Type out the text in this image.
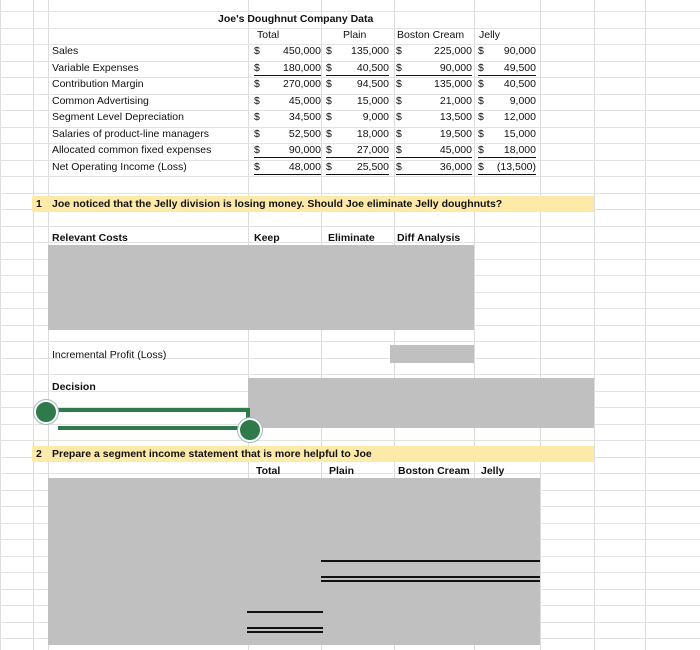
Joe's Doughnut Company Data
Total	Plain	Boston Cream Jelly
Sales	$ 450,000 $ 135,000 $	225,000 $ 90,000
Variable Expenses	$ 180,000 $ 40,500 $	90,000 $ 49,500
Contribution Margin	$ 270,000 $ 94,500 $	135,000 $ 40,500
Common Advertising	$	45,000 $ 15,000 $	21,000 $ 9,000
Segment Level Depreciation	$	34,500 $	9,000 $	13,500 $ 12,000
Salaries of product-line managers	$	52,500 $ 18,000 $	19,500 $ 15,000
Allocated common fixed expenses	$	90,000 $ 27,000 $	45,000 $ 18,000
Net Operating Income (Loss)	$	48,000 $ 25,500 $	36,000 $ (13,500)
1 Joe noticed that the Jelly division is losing money. Should Joe eliminate Jelly doughnuts?
Relevant Costs	Keep	Eliminate Diff Analysis
Incremental Profit (Loss)
Decision
2 Prepare a segment income statement that is more helpful to Joe
Total	Plain	Boston Cream Jelly
